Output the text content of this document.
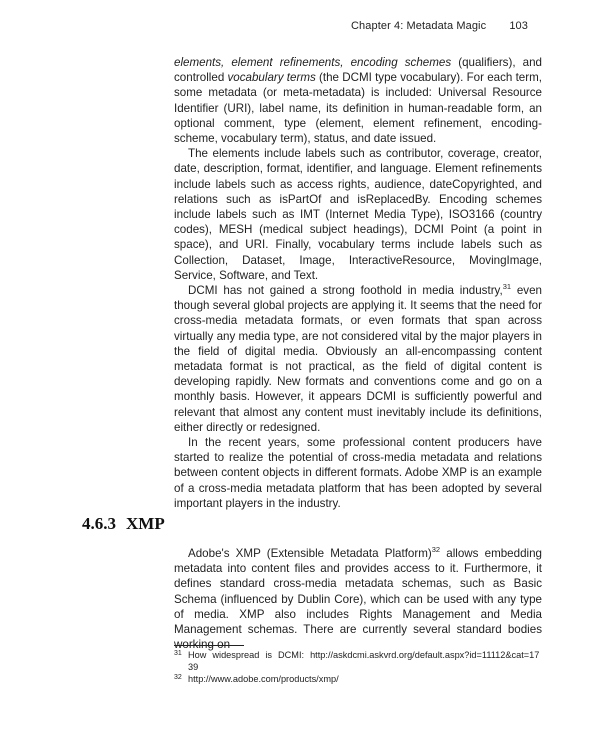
Chapter 4: Metadata Magic 103

elements, element refinements, encoding schemes (qualifiers), and controlled vocabulary terms (the DCMI type vocabulary). For each term, some metadata (or meta-metadata) is included: Universal Resource Identifier (URI), label name, its definition in human-readable form, an optional comment, type (element, element refinement, encoding-scheme, vocabulary term), status, and date issued.

The elements include labels such as contributor, coverage, creator, date, description, format, identifier, and language. Element refinements include labels such as access rights, audience, dateCopyrighted, and relations such as isPartOf and isReplacedBy. Encoding schemes include labels such as IMT (Internet Media Type), ISO3166 (country codes), MESH (medical subject headings), DCMI Point (a point in space), and URI. Finally, vocabulary terms include labels such as Collection, Dataset, Image, InteractiveResource, MovingImage, Service, Software, and Text.

DCMI has not gained a strong foothold in media industry,$^{31}$ even though several global projects are applying it. It seems that the need for cross-media metadata formats, or even formats that span across virtually any media type, are not considered vital by the major players in the field of digital media. Obviously an all-encompassing content metadata format is not practical, as the field of digital content is developing rapidly. New formats and conventions come and go on a monthly basis. However, it appears DCMI is sufficiently powerful and relevant that almost any content must inevitably include its definitions, either directly or redesigned.

In the recent years, some professional content producers have started to realize the potential of cross-media metadata and relations between content objects in different formats. Adobe XMP is an example of a cross-media metadata platform that has been adopted by several important players in the industry.

4.6.3 XMP

Adobe's XMP (Extensible Metadata Platform)$^{32}$ allows embedding metadata into content files and provides access to it. Furthermore, it defines standard cross-media metadata schemas, such as Basic Schema (influenced by Dublin Core), which can be used with any type of media. XMP also includes Rights Management and Media Management schemas. There are currently several standard bodies working on

31 How widespread is DCMI: http://askdcmi.askvrd.org/default.aspx?id=11112&cat=1739
32 http://www.adobe.com/products/xmp/
